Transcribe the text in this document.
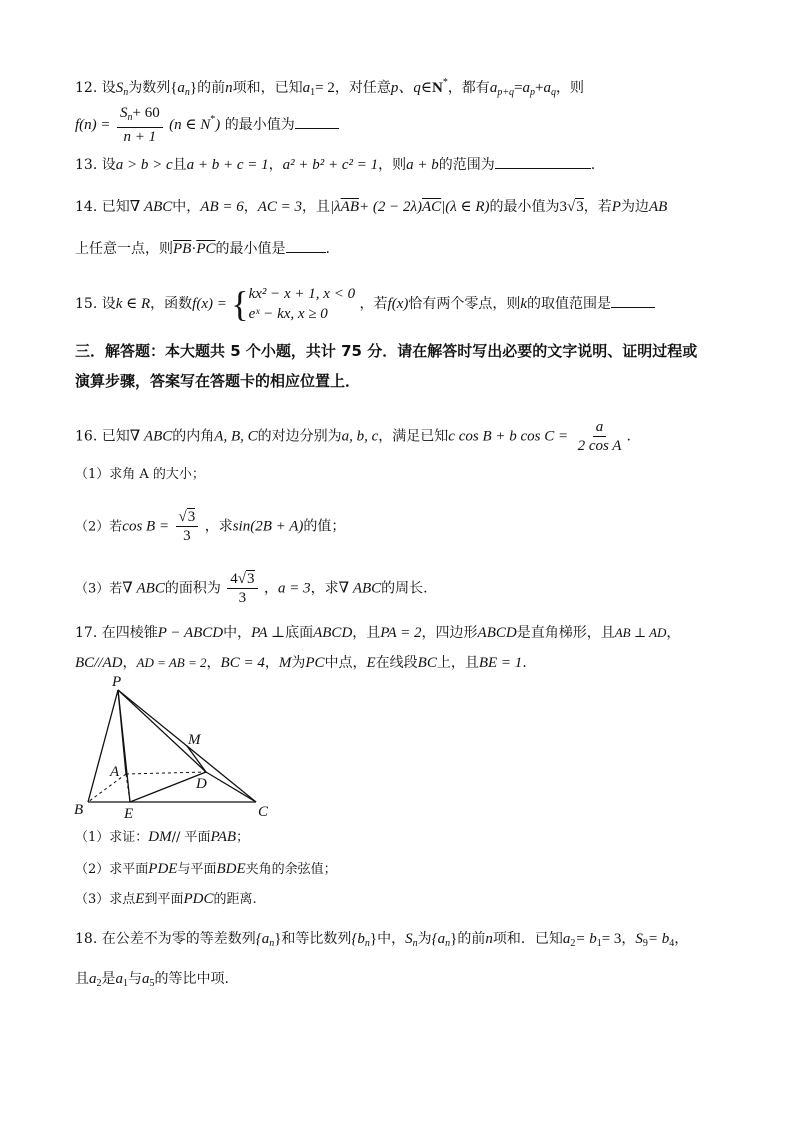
12. 设$S_n$为数列$\{a_n\}$的前n项和，已知$a_1= 2$，对任意p、q∈N*，都有$a_{p+q}=a_p+a_q$，则
$f(n) = \frac{S_n+ 60}{n + 1} (n$ ∈ N*) 的最小值为
13. 设a > b > c且a + b + c = 1，a² + b² + c² = 1，则a + b的范围为	.
14. 已知∇ ABC中，AB = 6，AC = 3，且$|\lambda\overline{AB}+ (2 - 2\lambda)\overline{AC}|(\lambda$ ∈ R)的最小值为3√3，若P为边AB
上任意一点，则$\overline{PB}\cdot\overline{PC}$的最小值是	.
15. 设k ∈ R，函数f(x) = { kx² − x + 1, x < 0
eˣ − kx, x ≥ 0
，若f(x)恰有两个零点，则k的取值范围是
三．解答题：本大题共 5 个小题，共计 75 分．请在解答时写出必要的文字说明、证明过程或
演算步骤，答案写在答题卡的相应位置上．
16. 已知∇ ABC的内角A, B, C的对边分别为a, b, c，满足已知c cos B + b $\cos C = \frac{a}{\text{2 cos A}}$ .
（1）求角 A 的大小；
（2）若$\cos B = \frac{√3}{3}$ ，求sin(2B + A)的值；
（3）若∇ ABC的面积为 $\frac{4√3}{3}$ ，a = 3，求∇ ABC的周长.
17. 在四棱锥P − ABCD中，PA ⊥底面ABCD，且PA = 2，四边形ABCD是直角梯形，且AB ⊥ AD，
BC//AD，AD = AB = 2，BC = 4，M为PC中点，E在线段BC上，且BE = 1.
P
A
B	C
D
E
M
（1）求证：DM// 平面PAB；
（2）求平面PDE与平面BDE夹角的余弦值；
（3）求点E到平面PDC的距离.
18. 在公差不为零的等差数列$\{a_n\}$和等比数列$\{b_n\}$中，$S_n$为$\{a_n\}$的前n项和．已知$a_2= b_1= 3$，$S_9= b_4$，
且$a_2$是$a_1$与$a_5$的等比中项.
